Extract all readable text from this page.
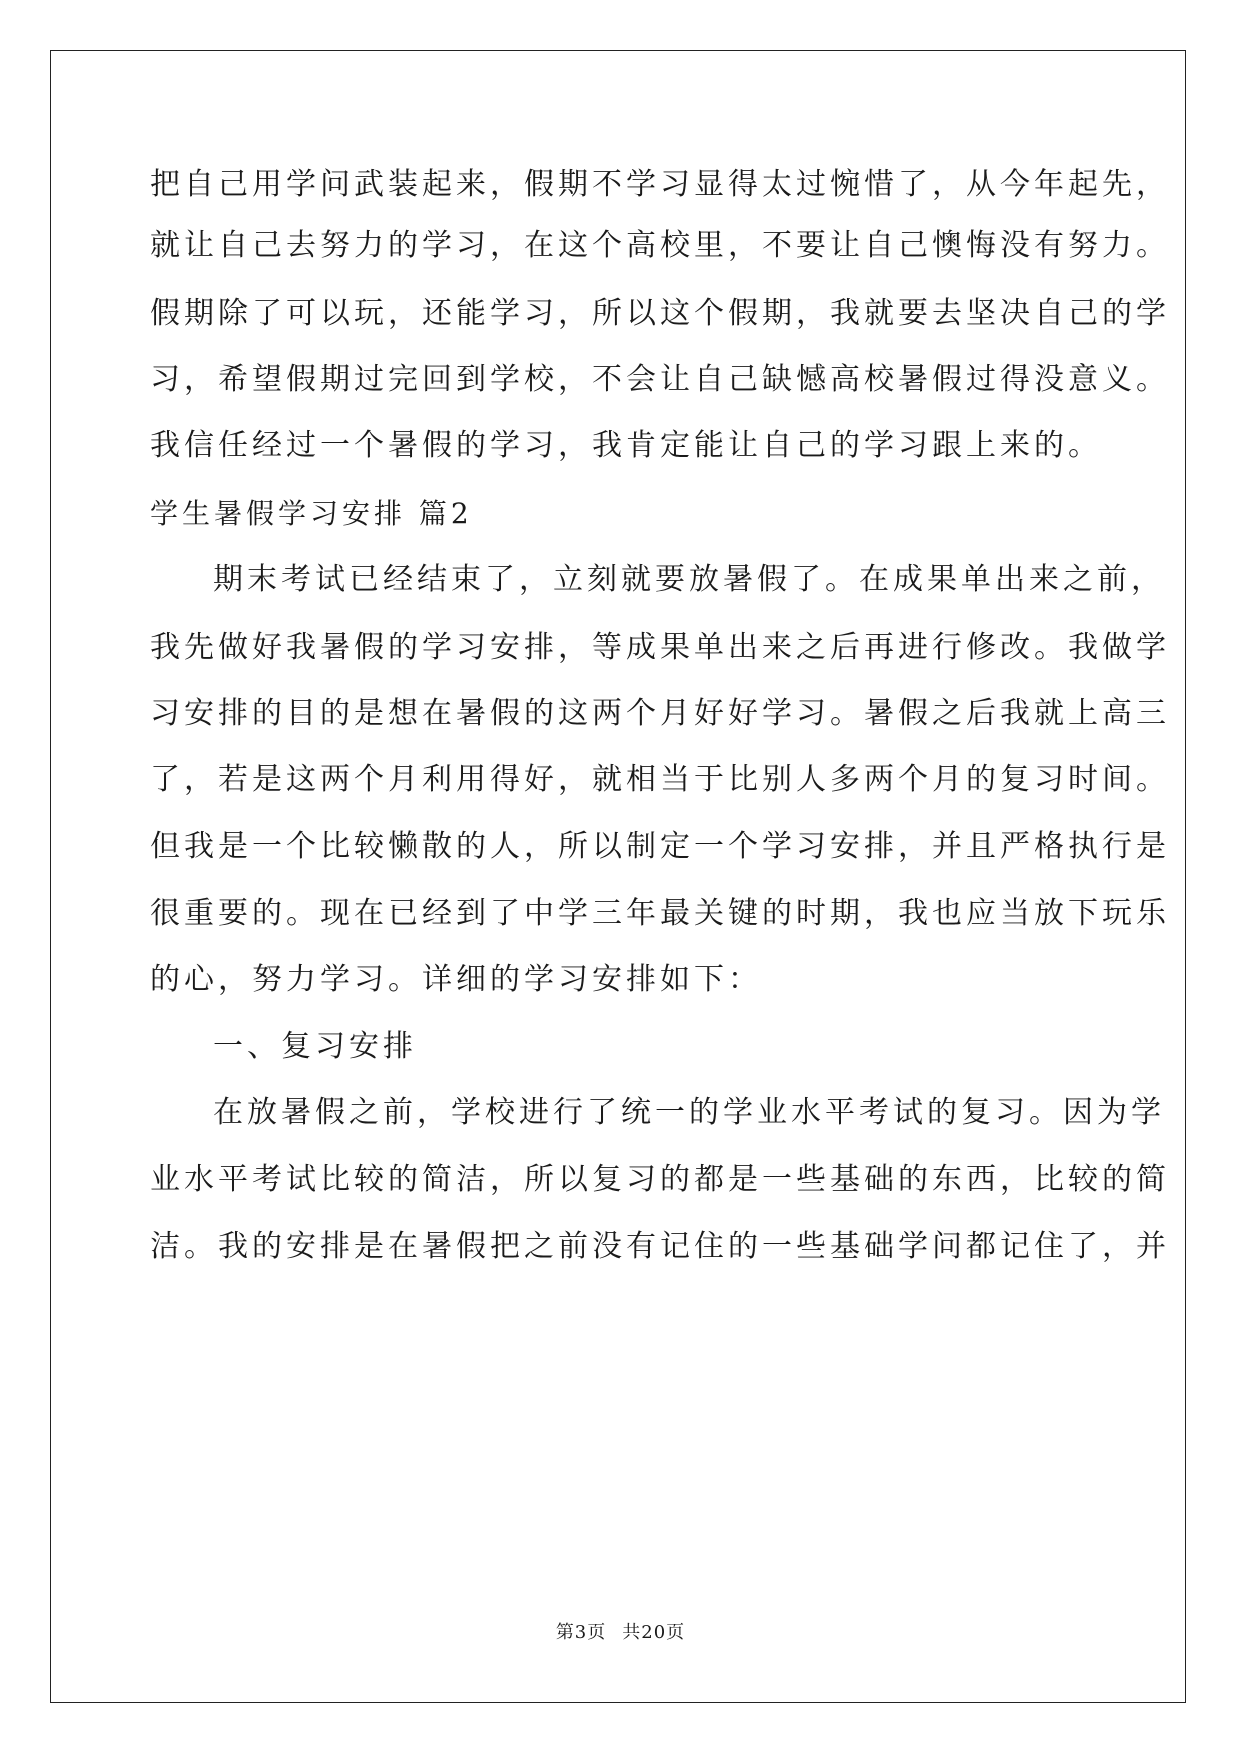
把自己用学问武装起来，假期不学习显得太过惋惜了，从今年起先，
就让自己去努力的学习，在这个高校里，不要让自己懊悔没有努力。
假期除了可以玩，还能学习，所以这个假期，我就要去坚决自己的学
习，希望假期过完回到学校，不会让自己缺憾高校暑假过得没意义。
我信任经过一个暑假的学习，我肯定能让自己的学习跟上来的。
学生暑假学习安排 篇2
期末考试已经结束了，立刻就要放暑假了。在成果单出来之前，
我先做好我暑假的学习安排，等成果单出来之后再进行修改。我做学
习安排的目的是想在暑假的这两个月好好学习。暑假之后我就上高三
了，若是这两个月利用得好，就相当于比别人多两个月的复习时间。
但我是一个比较懒散的人，所以制定一个学习安排，并且严格执行是
很重要的。现在已经到了中学三年最关键的时期，我也应当放下玩乐
的心，努力学习。详细的学习安排如下：
一、复习安排
在放暑假之前，学校进行了统一的学业水平考试的复习。因为学
业水平考试比较的简洁，所以复习的都是一些基础的东西，比较的简
洁。我的安排是在暑假把之前没有记住的一些基础学问都记住了，并
第3页 共20页
